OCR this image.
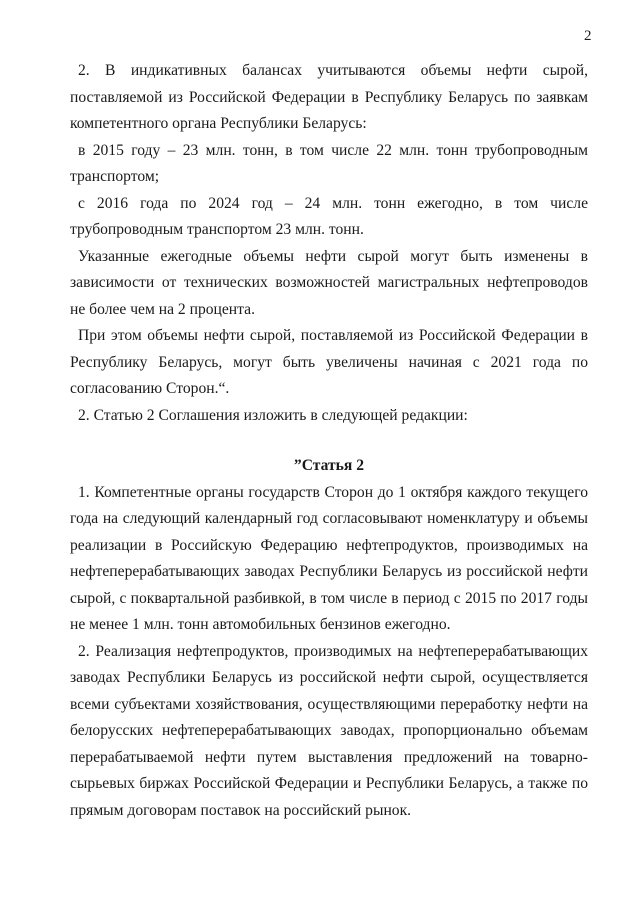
2

2. В индикативных балансах учитываются объемы нефти сырой, поставляемой из Российской Федерации в Республику Беларусь по заявкам компетентного органа Республики Беларусь:

в 2015 году – 23 млн. тонн, в том числе 22 млн. тонн трубопроводным транспортом;

с 2016 года по 2024 год – 24 млн. тонн ежегодно, в том числе трубопроводным транспортом 23 млн. тонн.

Указанные ежегодные объемы нефти сырой могут быть изменены в зависимости от технических возможностей магистральных нефтепроводов не более чем на 2 процента.

При этом объемы нефти сырой, поставляемой из Российской Федерации в Республику Беларусь, могут быть увеличены начиная с 2021 года по согласованию Сторон.“.

2. Статью 2 Соглашения изложить в следующей редакции:

”Статья 2

1. Компетентные органы государств Сторон до 1 октября каждого текущего года на следующий календарный год согласовывают номенклатуру и объемы реализации в Российскую Федерацию нефтепродуктов, производимых на нефтеперерабатывающих заводах Республики Беларусь из российской нефти сырой, с поквартальной разбивкой, в том числе в период с 2015 по 2017 годы не менее 1 млн. тонн автомобильных бензинов ежегодно.

2. Реализация нефтепродуктов, производимых на нефтеперерабатывающих заводах Республики Беларусь из российской нефти сырой, осуществляется всеми субъектами хозяйствования, осуществляющими переработку нефти на белорусских нефтеперерабатывающих заводах, пропорционально объемам перерабатываемой нефти путем выставления предложений на товарно-сырьевых биржах Российской Федерации и Республики Беларусь, а также по прямым договорам поставок на российский рынок.
